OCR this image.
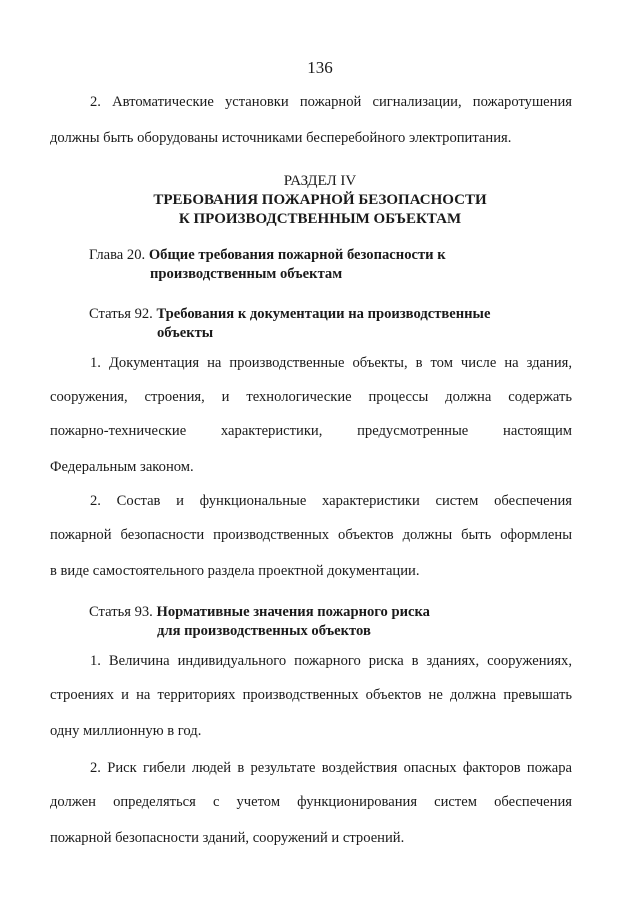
136
2. Автоматические установки пожарной сигнализации, пожаротушения
должны быть оборудованы источниками бесперебойного электропитания.
РАЗДЕЛ IV
ТРЕБОВАНИЯ ПОЖАРНОЙ БЕЗОПАСНОСТИ
К ПРОИЗВОДСТВЕННЫМ ОБЪЕКТАМ
Глава 20. Общие требования пожарной безопасности к
производственным объектам
Статья 92. Требования к документации на производственные
объекты
1. Документация на производственные объекты, в том числе на здания,
сооружения, строения, и технологические процессы должна содержать
пожарно-технические характеристики, предусмотренные настоящим
Федеральным законом.
2. Состав и функциональные характеристики систем обеспечения
пожарной безопасности производственных объектов должны быть оформлены
в виде самостоятельного раздела проектной документации.
Статья 93. Нормативные значения пожарного риска
для производственных объектов
1. Величина индивидуального пожарного риска в зданиях, сооружениях,
строениях и на территориях производственных объектов не должна превышать
одну миллионную в год.
2. Риск гибели людей в результате воздействия опасных факторов пожара
должен определяться с учетом функционирования систем обеспечения
пожарной безопасности зданий, сооружений и строений.
